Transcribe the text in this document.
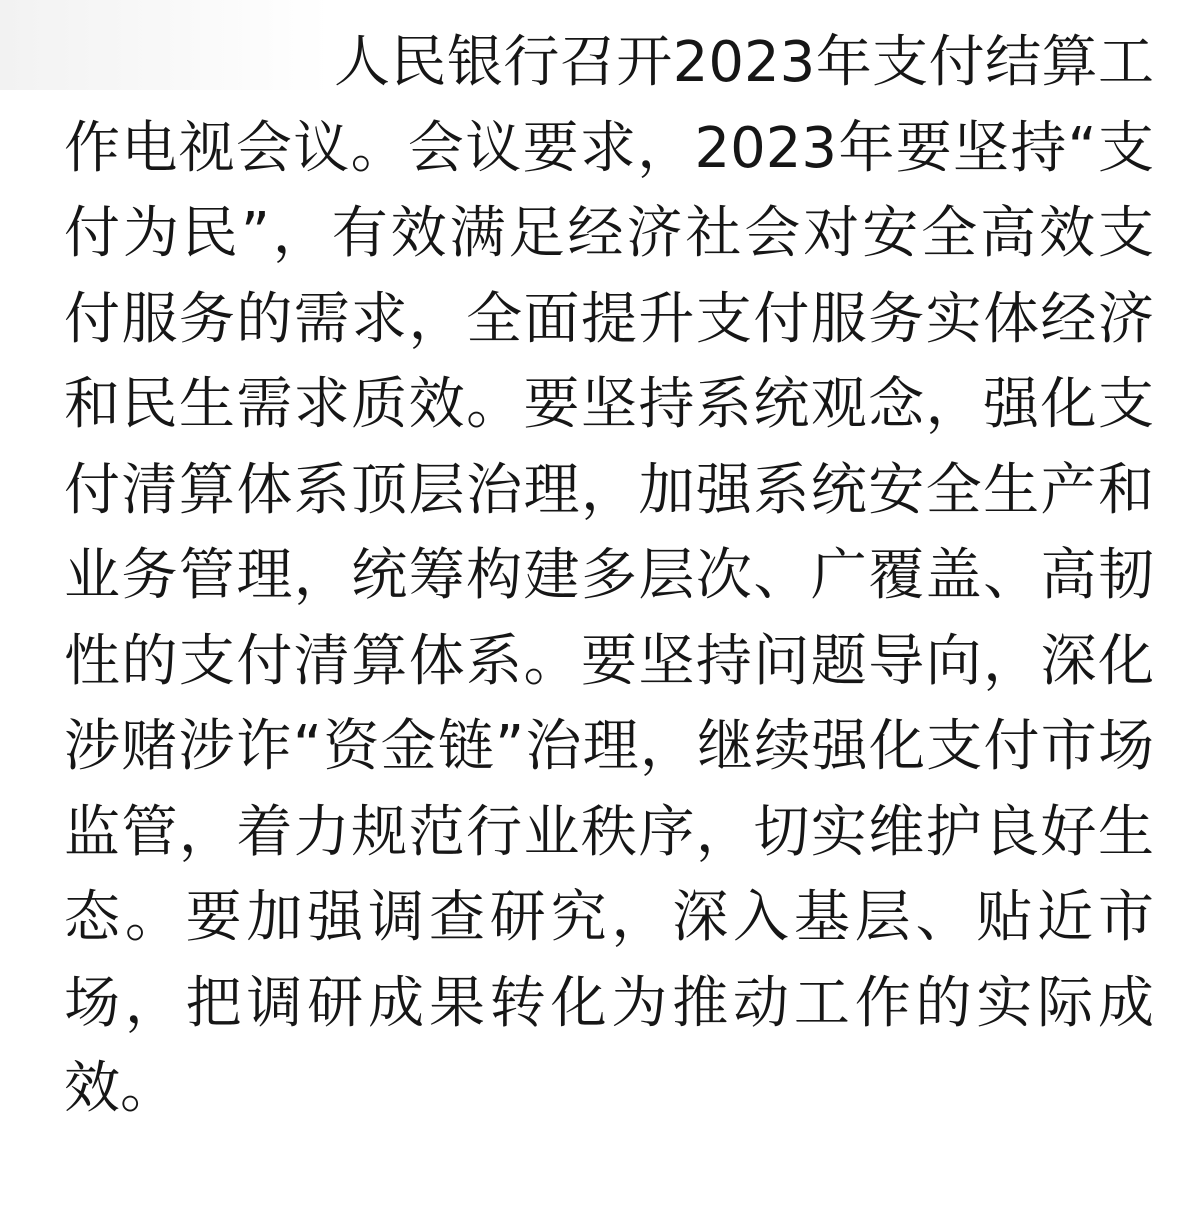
人民银行召开2023年支付结算工
作电视会议。会议要求，2023年要坚持“支
付为民”，有效满足经济社会对安全高效支
付服务的需求，全面提升支付服务实体经济
和民生需求质效。要坚持系统观念，强化支
付清算体系顶层治理，加强系统安全生产和
业务管理，统筹构建多层次、广覆盖、高韧
性的支付清算体系。要坚持问题导向，深化
涉赌涉诈“资金链”治理，继续强化支付市场
监管，着力规范行业秩序，切实维护良好生
态。要加强调查研究，深入基层、贴近市
场，把调研成果转化为推动工作的实际成
效。
